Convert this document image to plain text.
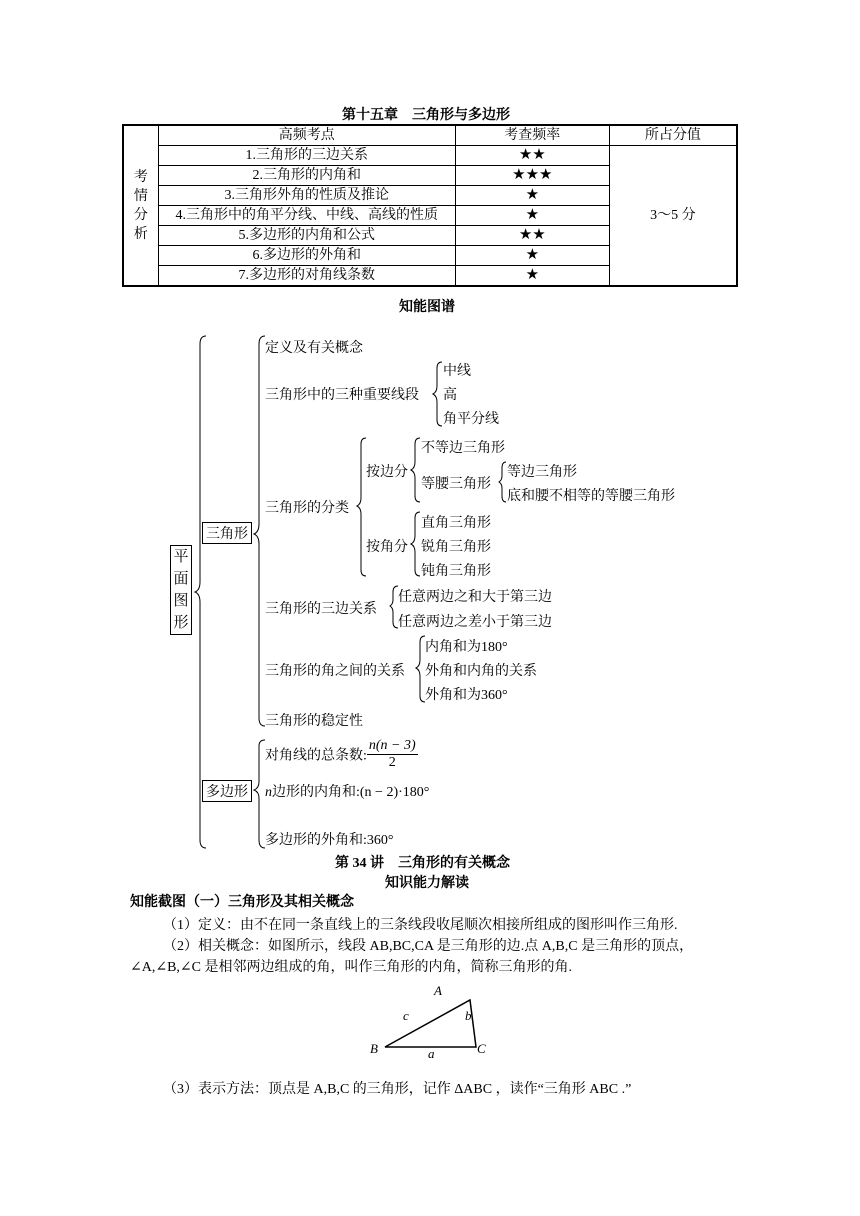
第十五章　三角形与多边形
考
情
分
析	高频考点	考查频率	所占分值
	1.三角形的三边关系	★★	3～5 分
	2.三角形的内角和	★★★	
	3.三角形外角的性质及推论	★	
	4.三角形中的角平分线、中线、高线的性质	★	
	5.多边形的内角和公式	★★	
	6.多边形的外角和	★	
	7.多边形的对角线条数	★	
知能图谱
平
面
图
形
三角形
多边形
定义及有关概念
三角形中的三种重要线段
中线
高
角平分线
三角形的分类
按边分
不等边三角形
等腰三角形
等边三角形
底和腰不相等的等腰三角形
按角分
直角三角形
锐角三角形
钝角三角形
三角形的三边关系
任意两边之和大于第三边
任意两边之差小于第三边
三角形的角之间的关系
内角和为180°
外角和内角的关系
外角和为360°
三角形的稳定性
对角线的总条数: $\frac{n(n - 3)}{2}$
n边形的内角和:(n − 2)·180°
多边形的外角和:360°
第 34 讲　三角形的有关概念
知识能力解读
知能截图（一）三角形及其相关概念
（1）定义：由不在同一条直线上的三条线段收尾顺次相接所组成的图形叫作三角形.
（2）相关概念：如图所示，线段 AB,BC,CA 是三角形的边.点 A,B,C 是三角形的顶点，
∠A,∠B,∠C 是相邻两边组成的角，叫作三角形的内角，简称三角形的角.
A
B	C
c	b
a
（3）表示方法：顶点是 A,B,C 的三角形，记作 ΔABC ，读作“三角形 ABC .”
